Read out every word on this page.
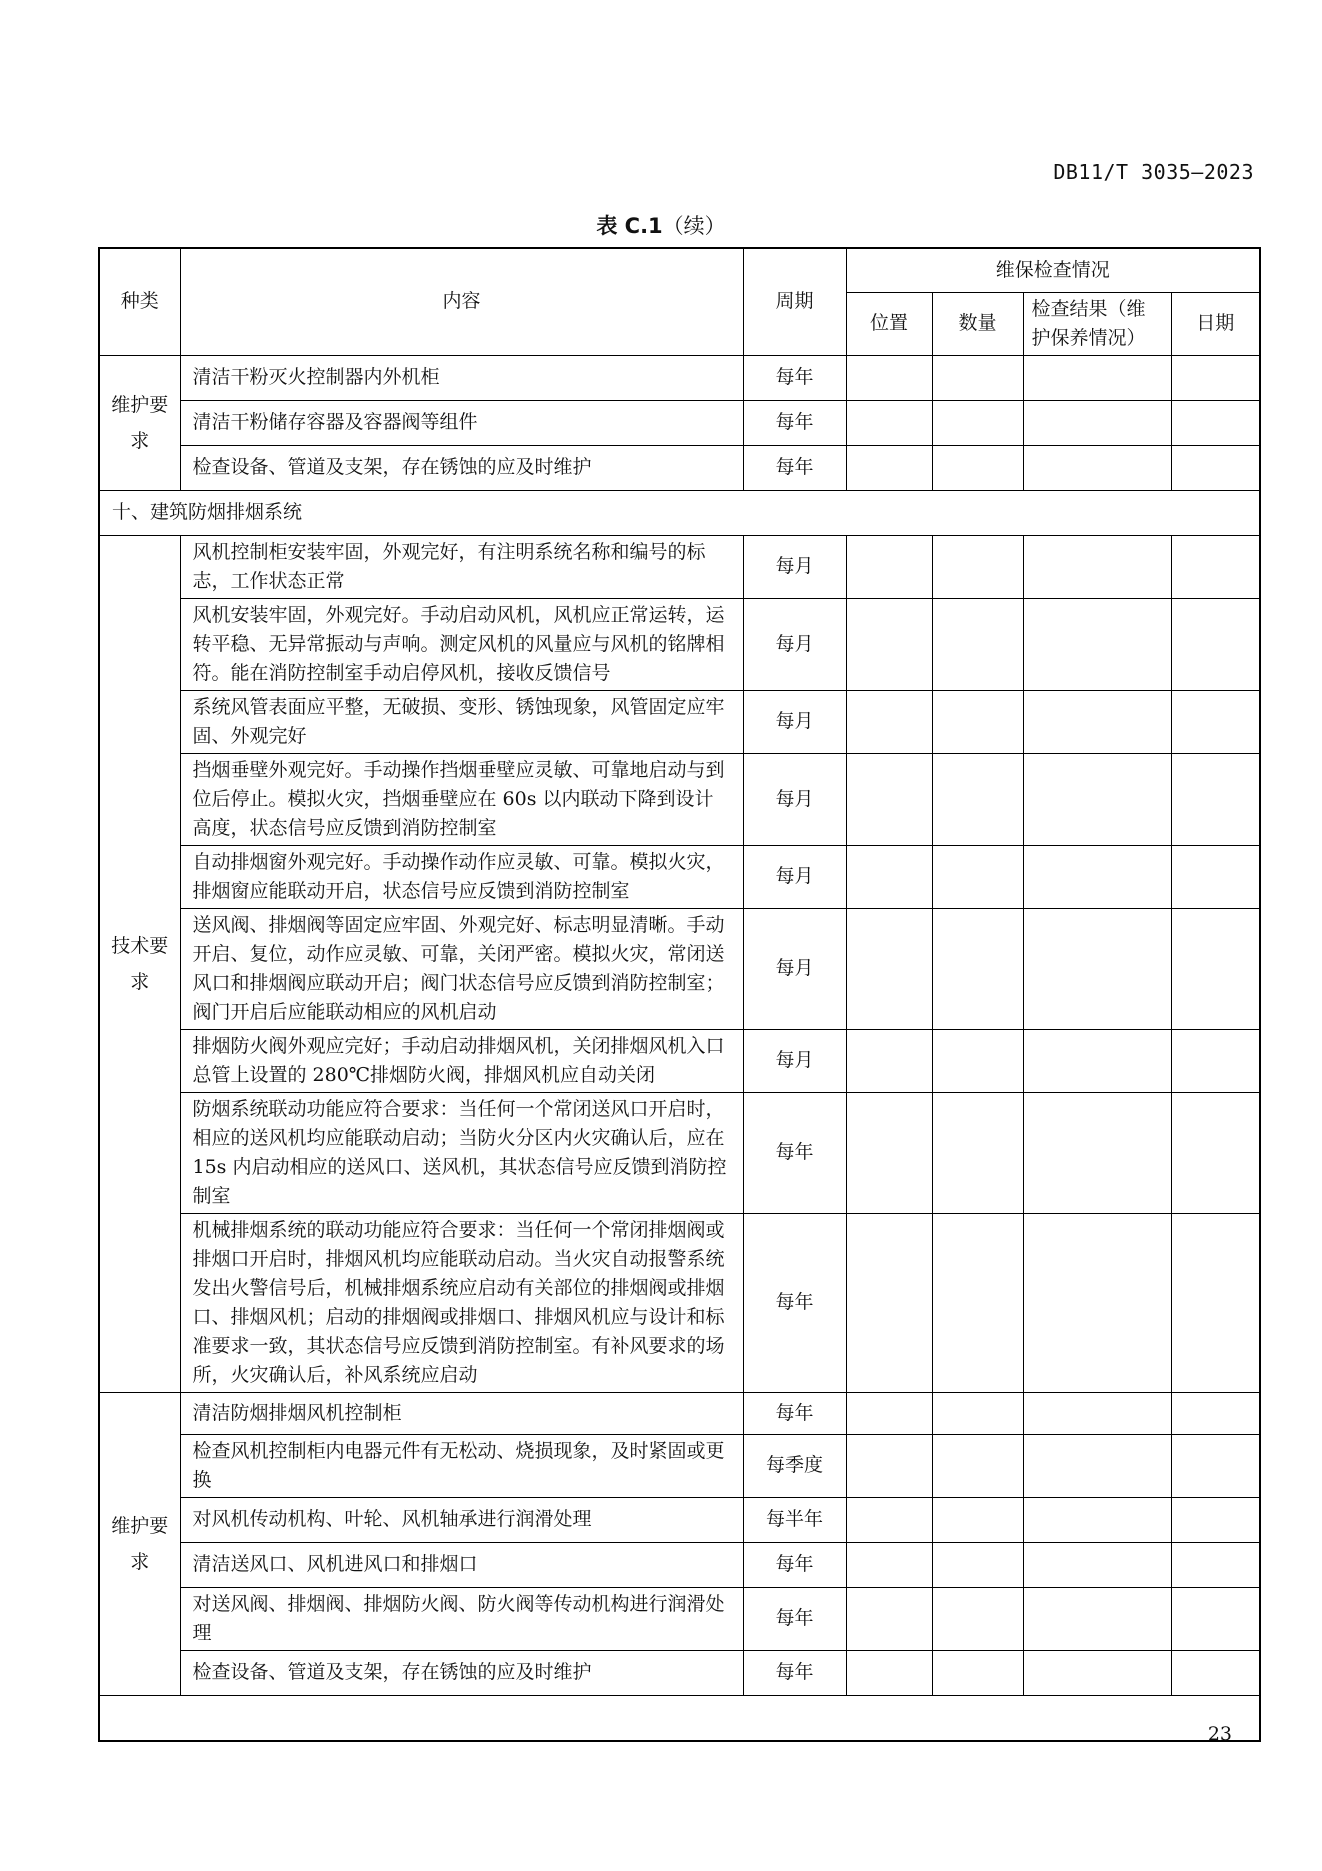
DB11/T 3035—2023
表 C.1（续）
种类	内容	周期	维保检查情况			
			位置	数量	检查结果（维护保养情况）	日期
维护要求	清洁干粉灭火控制器内外机柜	每年				
	清洁干粉储存容器及容器阀等组件	每年				
	检查设备、管道及支架，存在锈蚀的应及时维护	每年				
十、建筑防烟排烟系统						
技术要求	风机控制柜安装牢固，外观完好，有注明系统名称和编号的标志，工作状态正常	每月				
	风机安装牢固，外观完好。手动启动风机，风机应正常运转，运转平稳、无异常振动与声响。测定风机的风量应与风机的铭牌相符。能在消防控制室手动启停风机，接收反馈信号	每月				
	系统风管表面应平整，无破损、变形、锈蚀现象，风管固定应牢固、外观完好	每月				
	挡烟垂壁外观完好。手动操作挡烟垂壁应灵敏、可靠地启动与到位后停止。模拟火灾，挡烟垂壁应在 60s 以内联动下降到设计高度，状态信号应反馈到消防控制室	每月				
	自动排烟窗外观完好。手动操作动作应灵敏、可靠。模拟火灾，排烟窗应能联动开启，状态信号应反馈到消防控制室	每月				
	送风阀、排烟阀等固定应牢固、外观完好、标志明显清晰。手动开启、复位，动作应灵敏、可靠，关闭严密。模拟火灾，常闭送风口和排烟阀应联动开启；阀门状态信号应反馈到消防控制室；阀门开启后应能联动相应的风机启动	每月				
	排烟防火阀外观应完好；手动启动排烟风机，关闭排烟风机入口总管上设置的 280℃排烟防火阀，排烟风机应自动关闭	每月				
	防烟系统联动功能应符合要求：当任何一个常闭送风口开启时，相应的送风机均应能联动启动；当防火分区内火灾确认后，应在 15s 内启动相应的送风口、送风机，其状态信号应反馈到消防控制室	每年				
	机械排烟系统的联动功能应符合要求：当任何一个常闭排烟阀或排烟口开启时，排烟风机均应能联动启动。当火灾自动报警系统发出火警信号后，机械排烟系统应启动有关部位的排烟阀或排烟口、排烟风机；启动的排烟阀或排烟口、排烟风机应与设计和标准要求一致，其状态信号应反馈到消防控制室。有补风要求的场所，火灾确认后，补风系统应启动	每年				
维护要求	清洁防烟排烟风机控制柜	每年				
	检查风机控制柜内电器元件有无松动、烧损现象，及时紧固或更换	每季度				
	对风机传动机构、叶轮、风机轴承进行润滑处理	每半年				
	清洁送风口、风机进风口和排烟口	每年				
	对送风阀、排烟阀、排烟防火阀、防火阀等传动机构进行润滑处理	每年				
	检查设备、管道及支架，存在锈蚀的应及时维护	每年				

23
